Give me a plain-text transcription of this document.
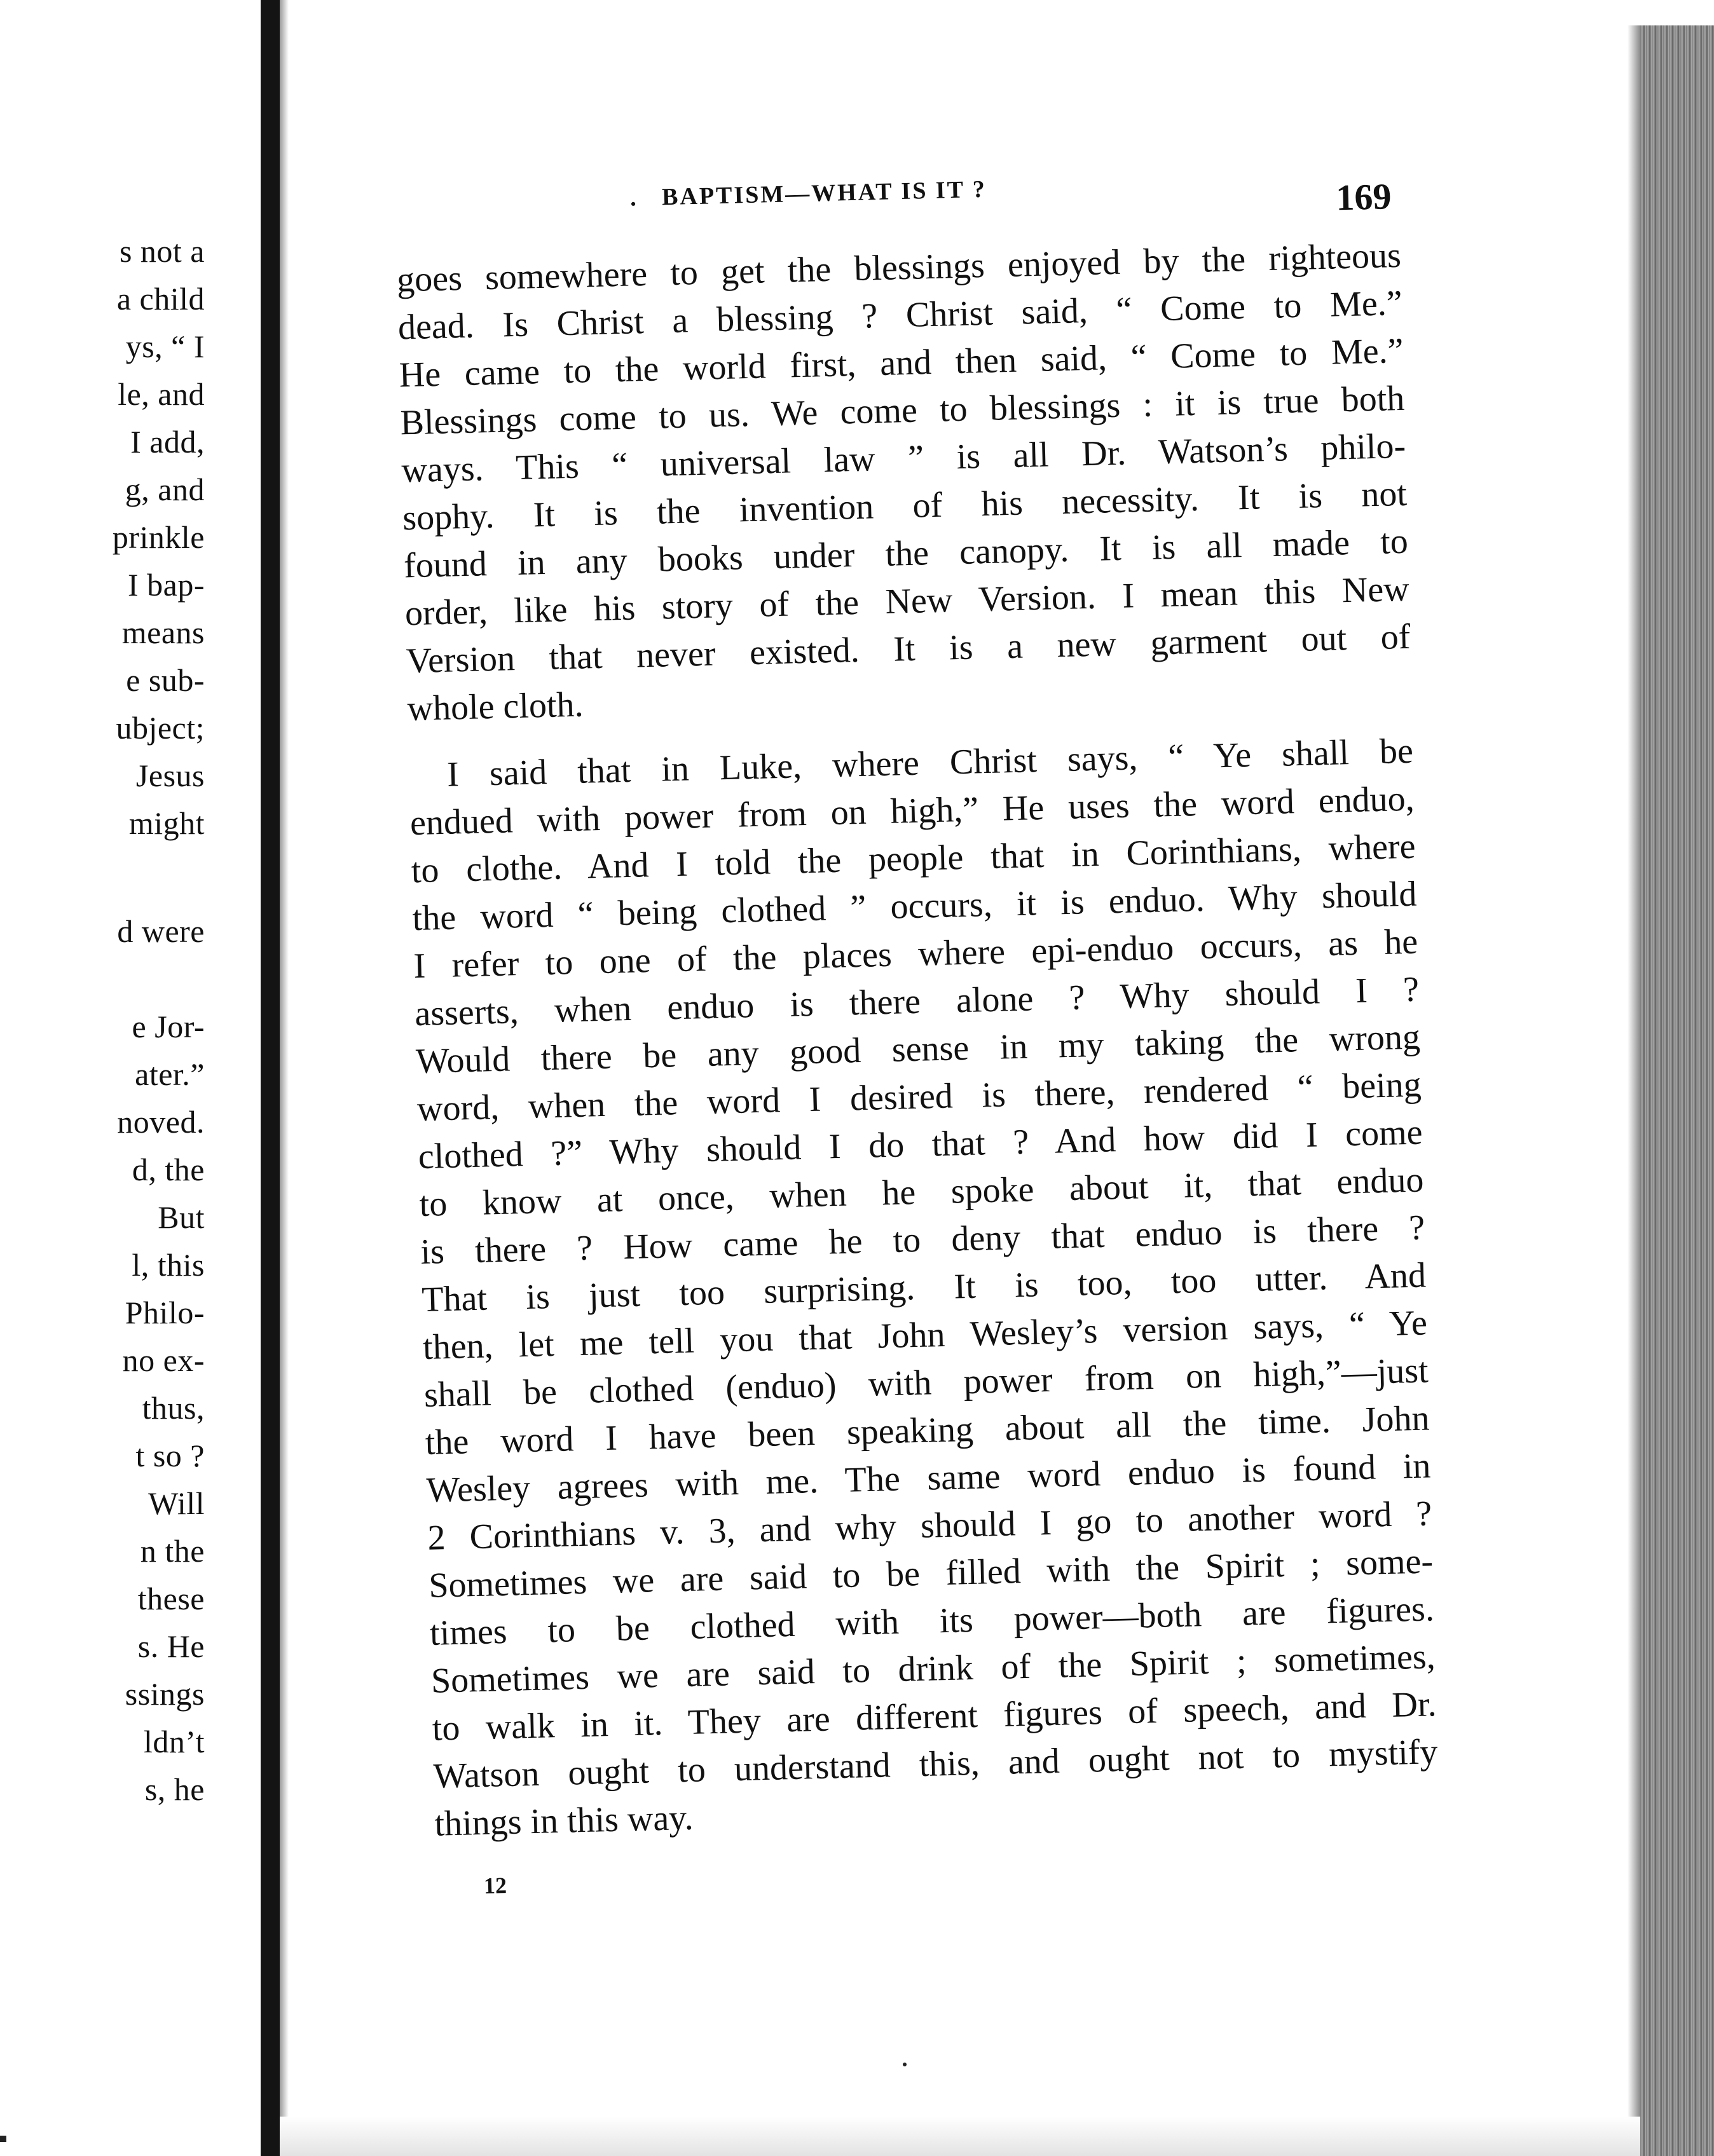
s not a
a child
ys, “ I
le, and
I add,
g, and
prinkle
I bap-
means
e sub-
ubject;
Jesus
might
d were
e Jor-
ater.”
noved.
d, the
But
l, this
Philo-
no ex-
thus,
t so ?
Will
n the
these
s. He
ssings
ldn’t
s, he
. BAPTISM—WHAT IS IT ?	169
goes somewhere to get the blessings enjoyed by the righteous
dead. Is Christ a blessing ? Christ said, “ Come to Me.”
He came to the world first, and then said, “ Come to Me.”
Blessings come to us. We come to blessings : it is true both
ways. This “ universal law ” is all Dr. Watson’s philo-
sophy. It is the invention of his necessity. It is not
found in any books under the canopy. It is all made to
order, like his story of the New Version. I mean this New
Version that never existed. It is a new garment out of
whole cloth.
I said that in Luke, where Christ says, “ Ye shall be
endued with power from on high,” He uses the word enduo,
to clothe. And I told the people that in Corinthians, where
the word “ being clothed ” occurs, it is enduo. Why should
I refer to one of the places where epi-enduo occurs, as he
asserts, when enduo is there alone ? Why should I ?
Would there be any good sense in my taking the wrong
word, when the word I desired is there, rendered “ being
clothed ?” Why should I do that ? And how did I come
to know at once, when he spoke about it, that enduo
is there ? How came he to deny that enduo is there ?
That is just too surprising. It is too, too utter. And
then, let me tell you that John Wesley’s version says, “ Ye
shall be clothed (enduo) with power from on high,”—just
the word I have been speaking about all the time. John
Wesley agrees with me. The same word enduo is found in
2 Corinthians v. 3, and why should I go to another word ?
Sometimes we are said to be filled with the Spirit ; some-
times to be clothed with its power—both are figures.
Sometimes we are said to drink of the Spirit ; sometimes,
to walk in it. They are different figures of speech, and Dr.
Watson ought to understand this, and ought not to mystify
things in this way.
12
